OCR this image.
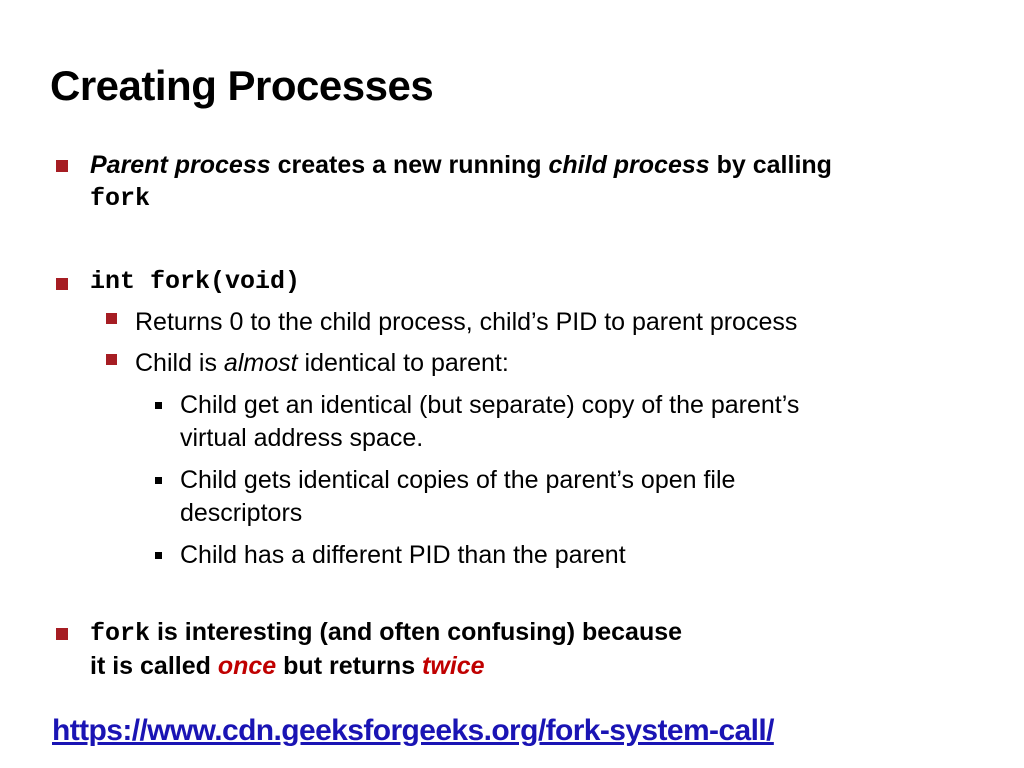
Creating Processes
Parent process creates a new running child process by calling
fork
int fork(void)
Returns 0 to the child process, child’s PID to parent process
Child is almost identical to parent:
Child get an identical (but separate) copy of the parent’s
virtual address space.
Child gets identical copies of the parent’s open file
descriptors
Child has a different PID than the parent
fork is interesting (and often confusing) because
it is called once but returns twice
https://www.cdn.geeksforgeeks.org/fork-system-call/
